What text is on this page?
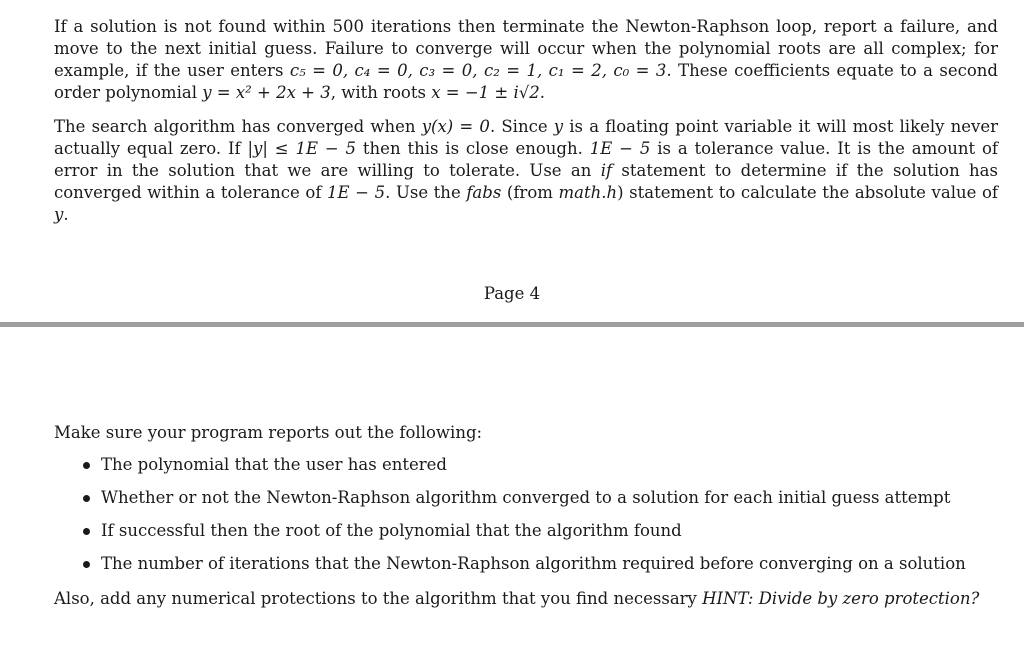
If a solution is not found within 500 iterations then terminate the Newton-Raphson loop, report a failure, and move to the next initial guess. Failure to converge will occur when the polynomial roots are all complex; for example, if the user enters c₅ = 0, c₄ = 0, c₃ = 0, c₂ = 1, c₁ = 2, c₀ = 3. These coefficients equate to a second order polynomial y = x² + 2x + 3, with roots x = −1 ± i√2.
The search algorithm has converged when y(x) = 0. Since y is a floating point variable it will most likely never actually equal zero. If |y| ≤ 1E − 5 then this is close enough. 1E − 5 is a tolerance value. It is the amount of error in the solution that we are willing to tolerate. Use an if statement to determine if the solution has converged within a tolerance of 1E − 5. Use the fabs (from math.h) statement to calculate the absolute value of y.
Page 4
Make sure your program reports out the following:
The polynomial that the user has entered
Whether or not the Newton-Raphson algorithm converged to a solution for each initial guess attempt
If successful then the root of the polynomial that the algorithm found
The number of iterations that the Newton-Raphson algorithm required before converging on a solution
Also, add any numerical protections to the algorithm that you find necessary HINT: Divide by zero protection?
